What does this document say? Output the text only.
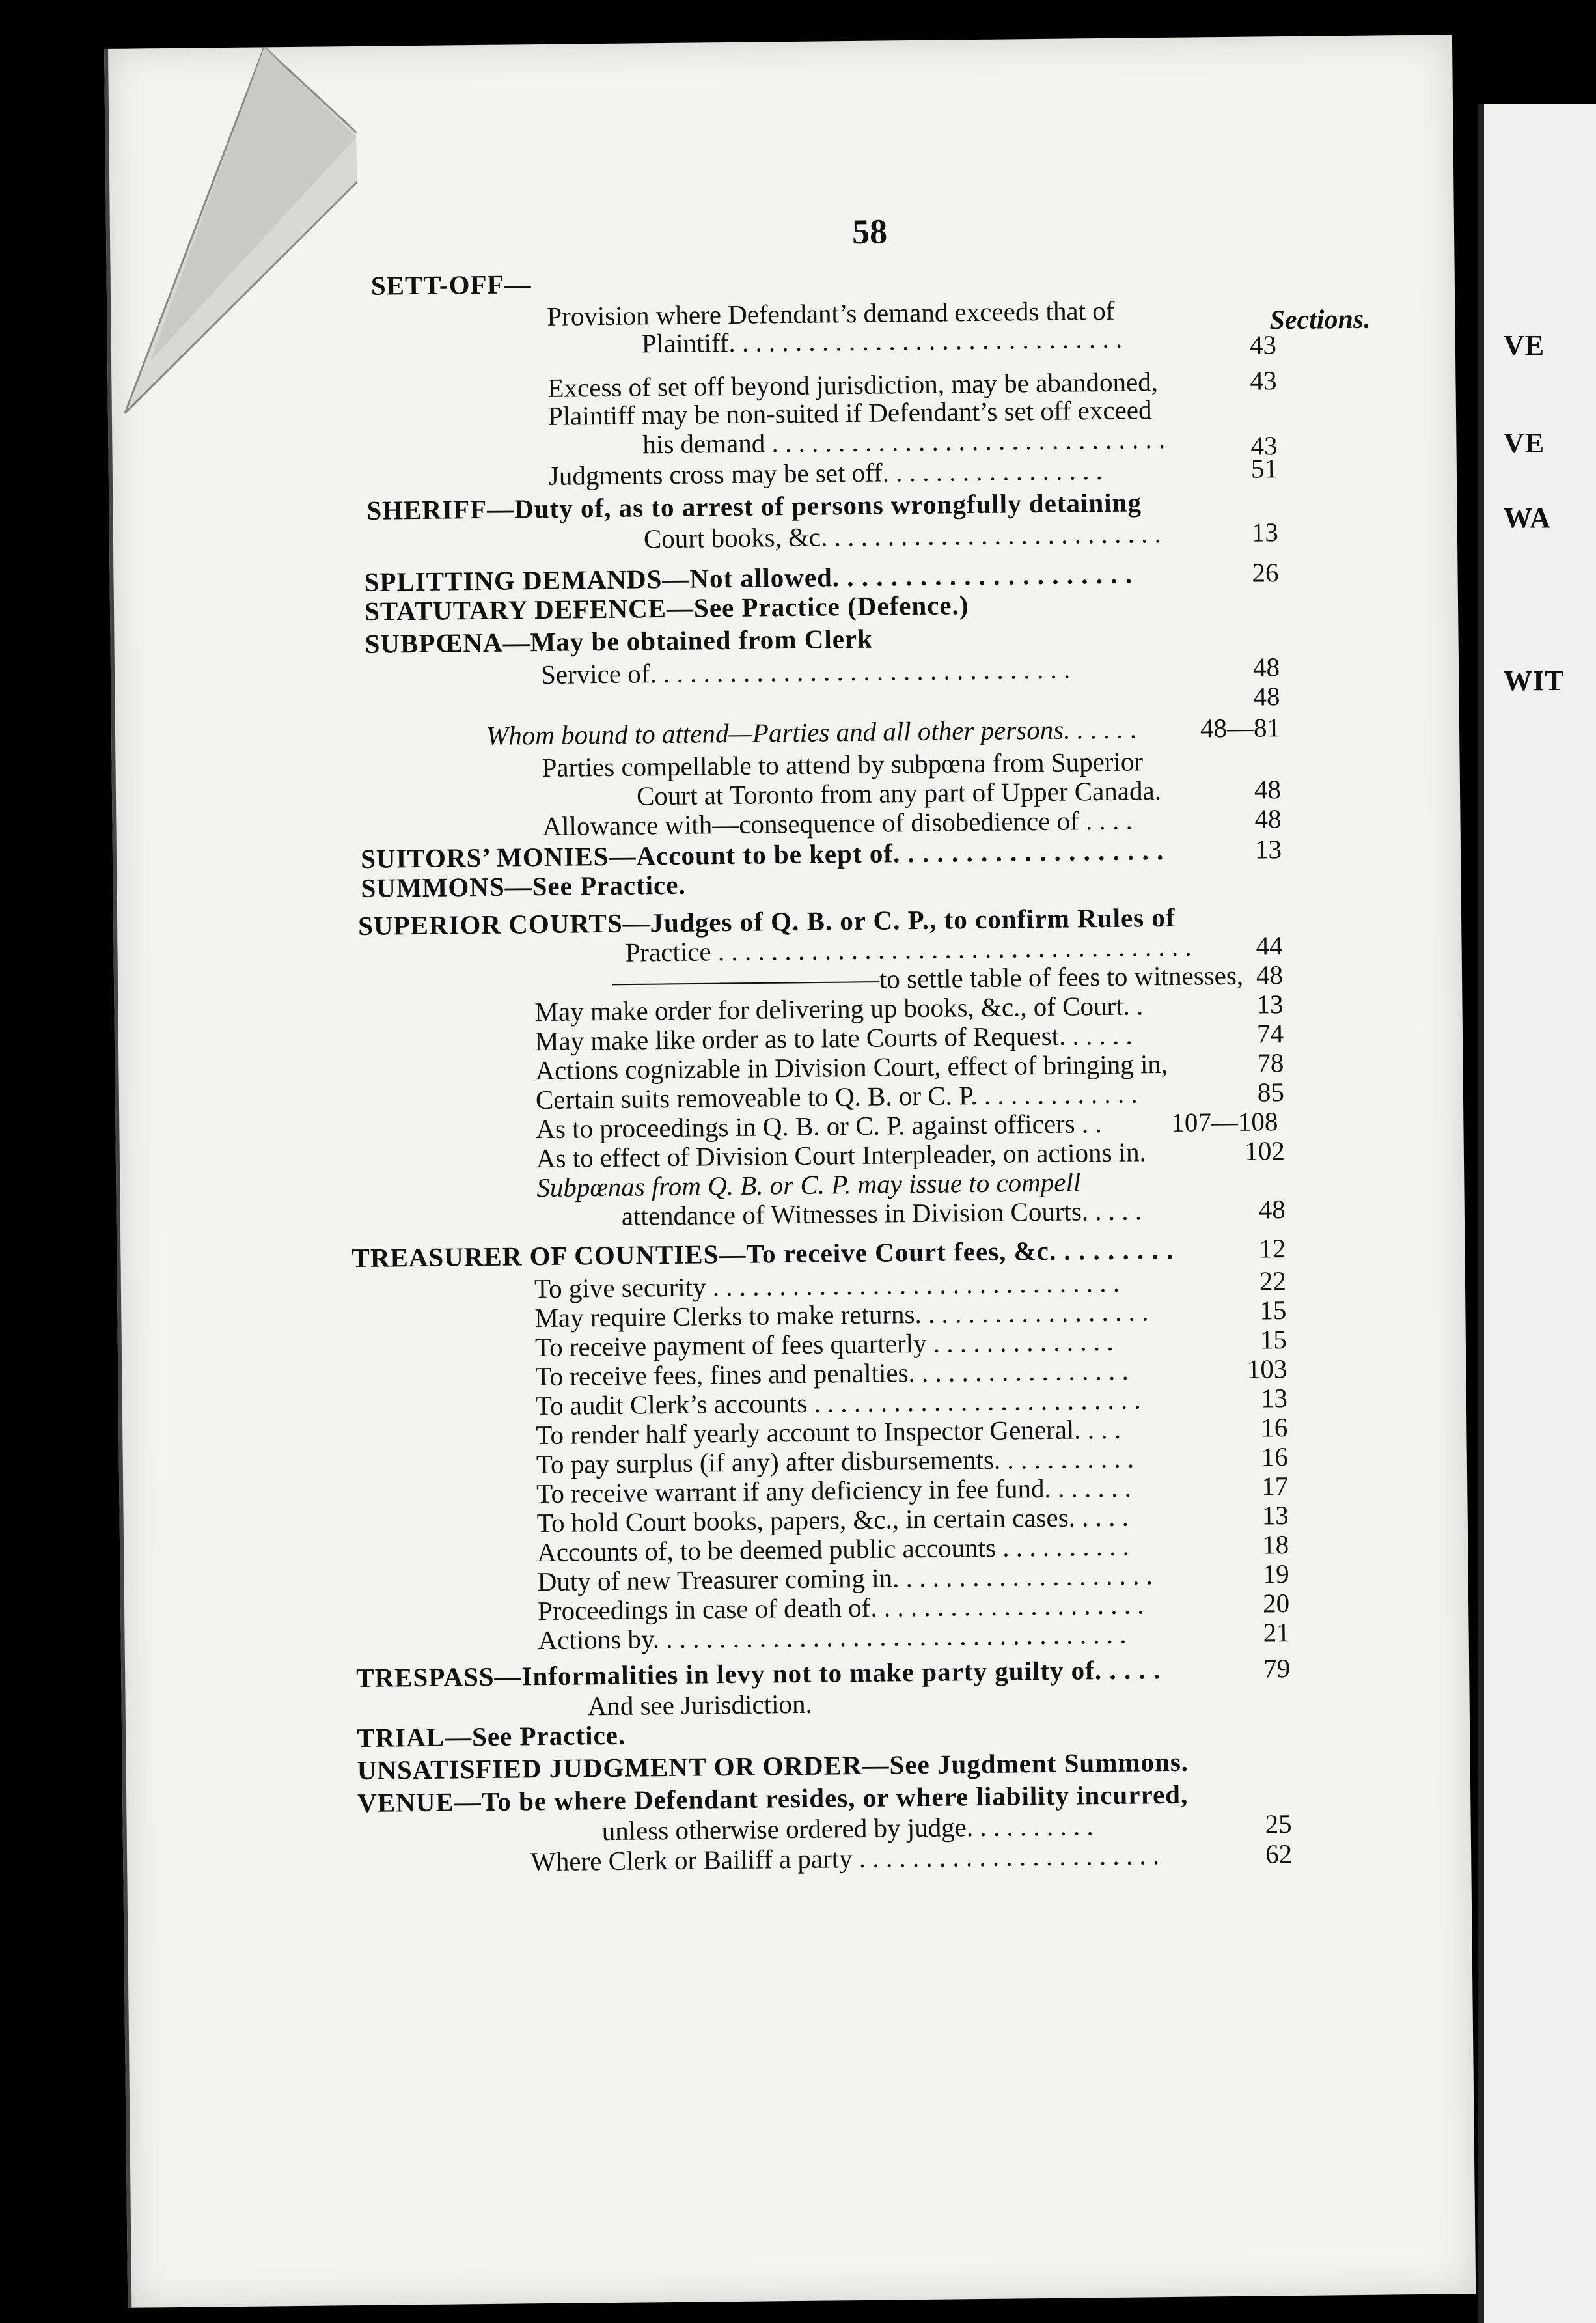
VE
VE
WA
WIT
58
Sections.
SETT-OFF—
Provision where Defendant’s demand exceeds that of
Plaintiff. . . . . . . . . . . . . . . . . . . . . . . . . . . . . .	43
Excess of set off beyond jurisdiction, may be abandoned,	43
Plaintiff may be non-suited if Defendant’s set off exceed
his demand . . . . . . . . . . . . . . . . . . . . . . . . . . . . . .	43
Judgments cross may be set off. . . . . . . . . . . . . . . . .	51
SHERIFF—Duty of, as to arrest of persons wrongfully detaining
Court books, &c. . . . . . . . . . . . . . . . . . . . . . . . . .	13
SPLITTING DEMANDS—Not allowed. . . . . . . . . . . . . . . . . . . . .	26
STATUTARY DEFENCE—See Practice (Defence.)
SUBPŒNA—May be obtained from Clerk
Service of. . . . . . . . . . . . . . . . . . . . . . . . . . . . . . . .	48
48
Whom bound to attend—Parties and all other persons. . . . . .	48—81
Parties compellable to attend by subpœna from Superior
Court at Toronto from any part of Upper Canada.	48
Allowance with—consequence of disobedience of . . . .	48
SUITORS’ MONIES—Account to be kept of. . . . . . . . . . . . . . . . . . .	13
SUMMONS—See Practice.
SUPERIOR COURTS—Judges of Q. B. or C. P., to confirm Rules of
Practice . . . . . . . . . . . . . . . . . . . . . . . . . . . . . . . . . . . .	44
——————————to settle table of fees to witnesses, 48
May make order for delivering up books, &c., of Court. .	13
May make like order as to late Courts of Request. . . . . .	74
Actions cognizable in Division Court, effect of bringing in,	78
Certain suits removeable to Q. B. or C. P. . . . . . . . . . . . .	85
As to proceedings in Q. B. or C. P. against officers . .	107—108
As to effect of Division Court Interpleader, on actions in.	102
Subpœnas from Q. B. or C. P. may issue to compell
attendance of Witnesses in Division Courts. . . . .	48
TREASURER OF COUNTIES—To receive Court fees, &c. . . . . . . . .	12
To give security . . . . . . . . . . . . . . . . . . . . . . . . . . . . . . .	22
May require Clerks to make returns. . . . . . . . . . . . . . . . . .	15
To receive payment of fees quarterly . . . . . . . . . . . . . .	15
To receive fees, fines and penalties. . . . . . . . . . . . . . . . .	103
To audit Clerk’s accounts . . . . . . . . . . . . . . . . . . . . . . . . .	13
To render half yearly account to Inspector General. . . .	16
To pay surplus (if any) after disbursements. . . . . . . . . . .	16
To receive warrant if any deficiency in fee fund. . . . . . .	17
To hold Court books, papers, &c., in certain cases. . . . .	13
Accounts of, to be deemed public accounts . . . . . . . . . .	18
Duty of new Treasurer coming in. . . . . . . . . . . . . . . . . . . .	19
Proceedings in case of death of. . . . . . . . . . . . . . . . . . . . .	20
Actions by. . . . . . . . . . . . . . . . . . . . . . . . . . . . . . . . . . . .	21
TRESPASS—Informalities in levy not to make party guilty of. . . . .	79
And see Jurisdiction.
TRIAL—See Practice.
UNSATISFIED JUDGMENT OR ORDER—See Jugdment Summons.
VENUE—To be where Defendant resides, or where liability incurred,
unless otherwise ordered by judge. . . . . . . . . .	25
Where Clerk or Bailiff a party . . . . . . . . . . . . . . . . . . . . . . .	62
